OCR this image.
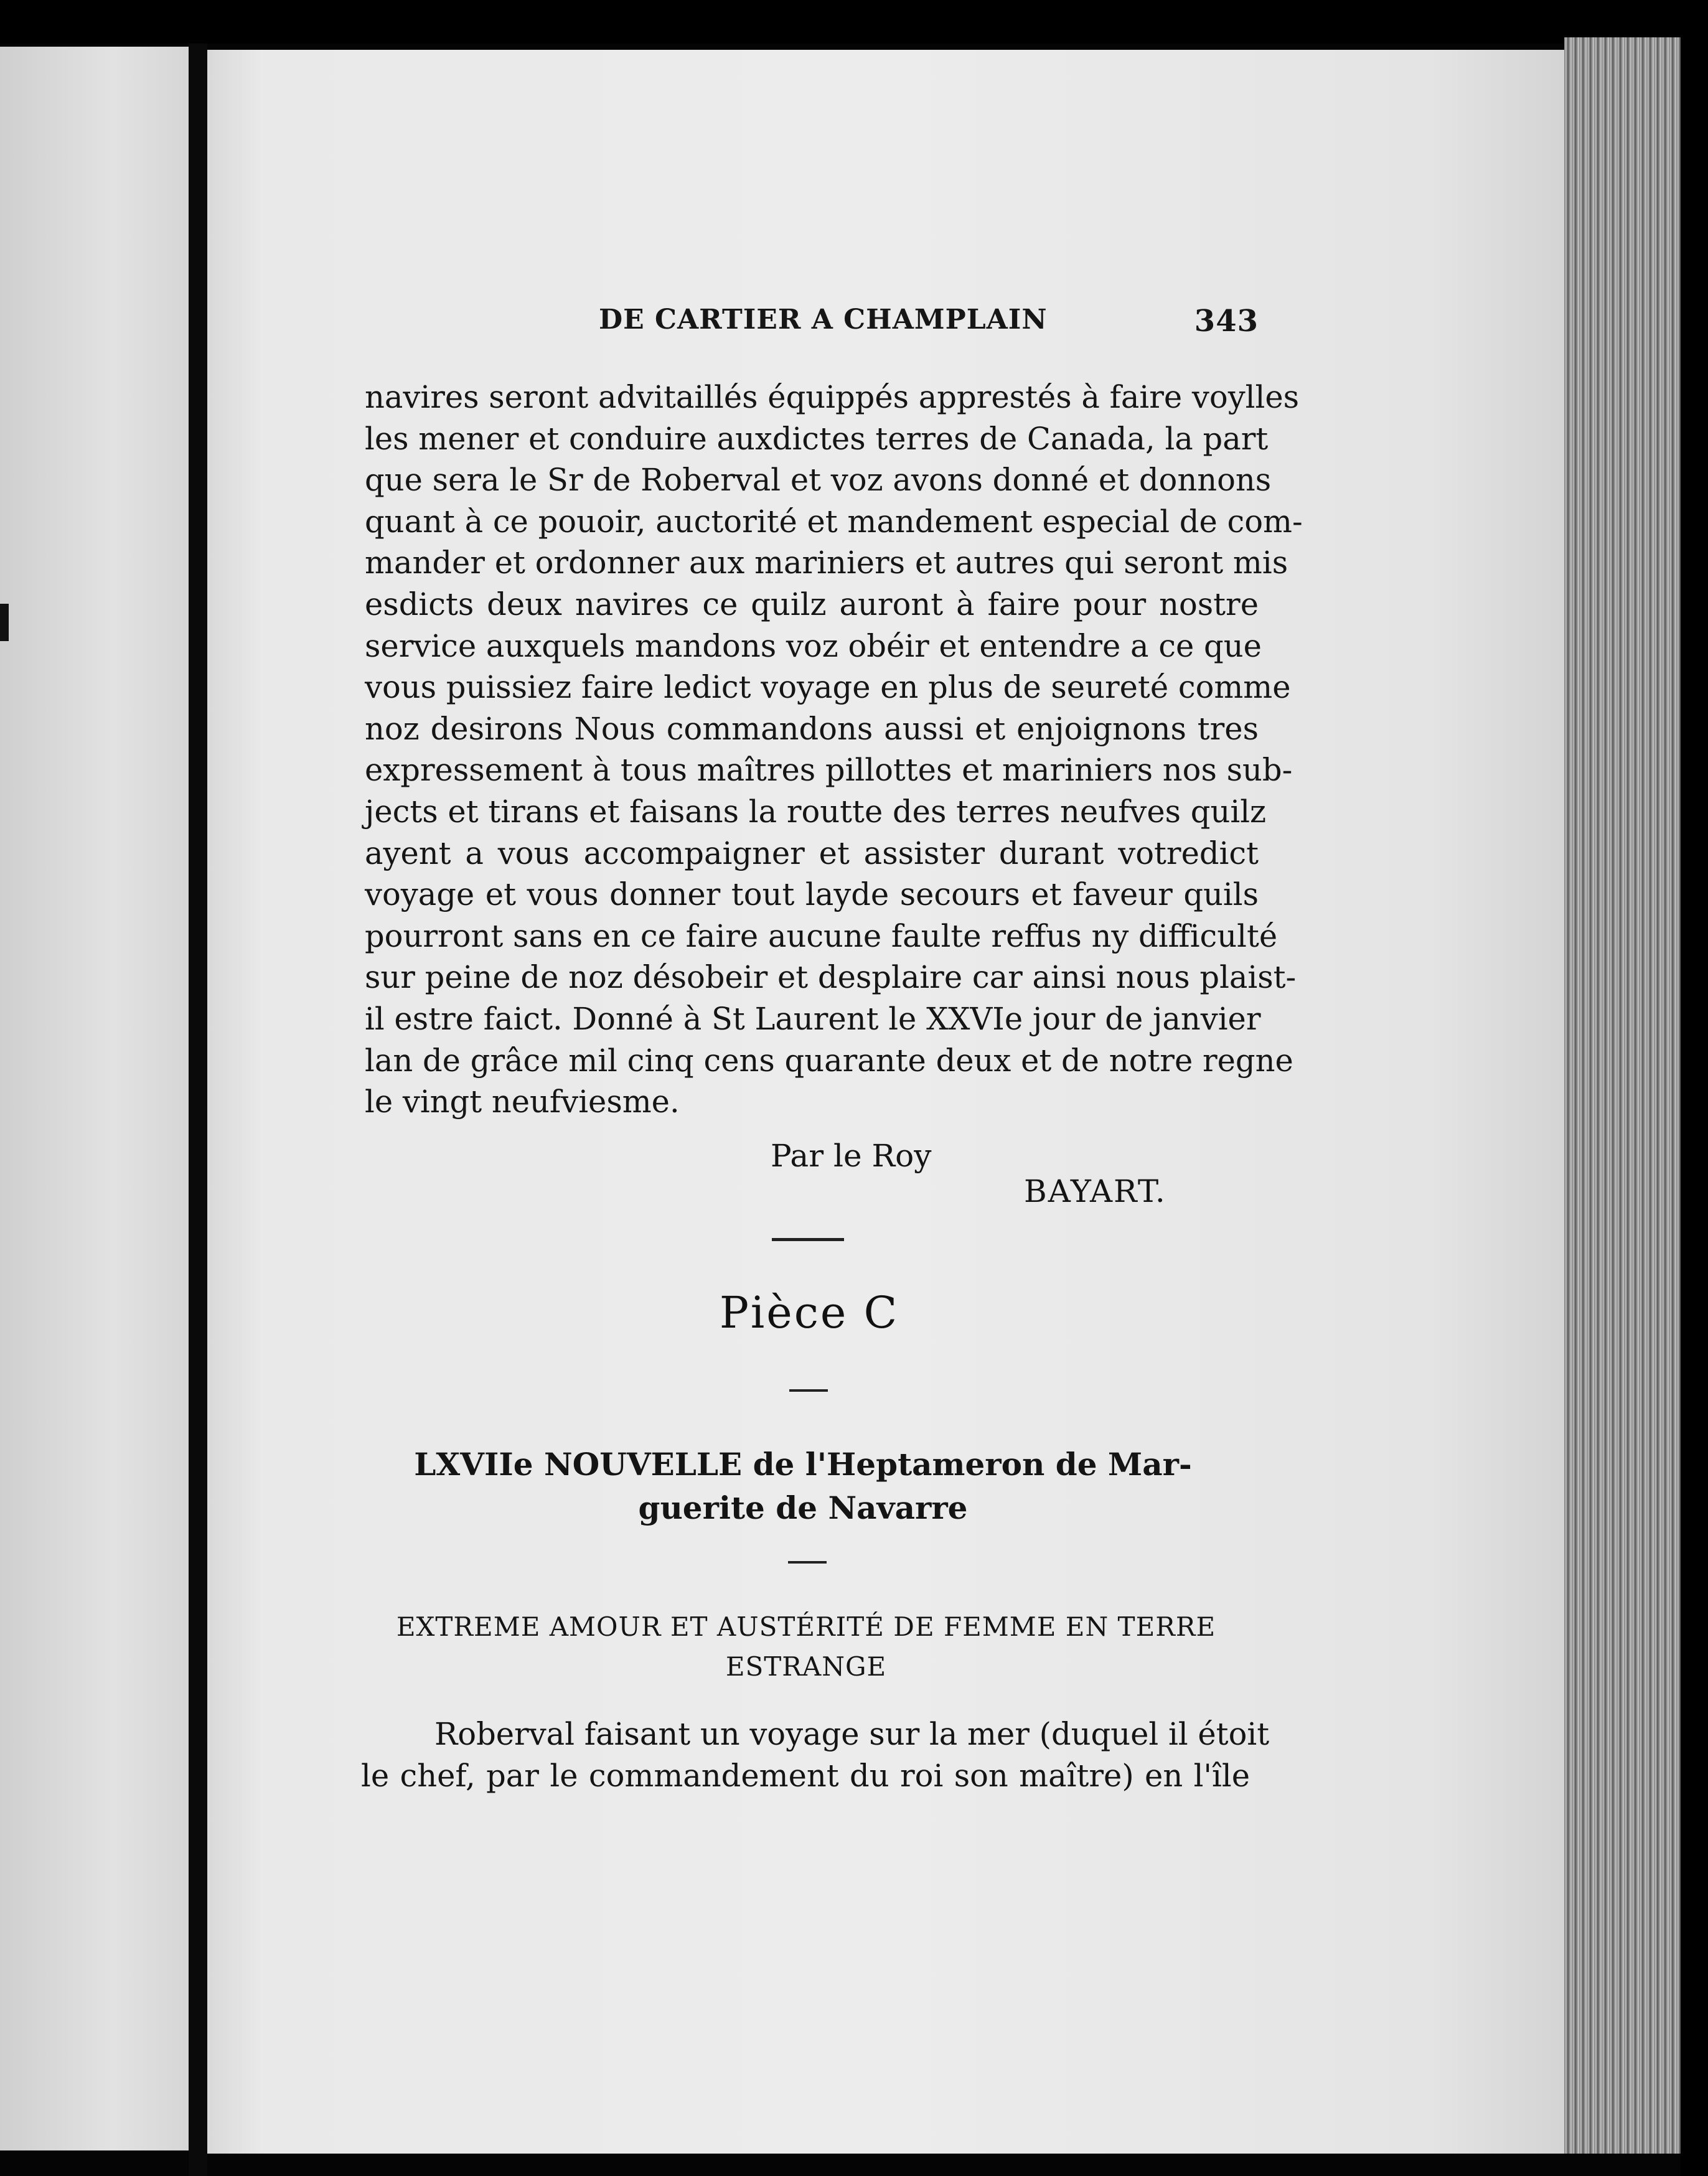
DE CARTIER A CHAMPLAIN	343
navires seront advitaillés équippés apprestés à faire voylles
les mener et conduire auxdictes terres de Canada, la part
que sera le Sr de Roberval et voz avons donné et donnons
quant à ce pouoir, auctorité et mandement especial de com-
mander et ordonner aux mariniers et autres qui seront mis
esdicts deux navires ce quilz auront à faire pour nostre
service auxquels mandons voz obéir et entendre a ce que
vous puissiez faire ledict voyage en plus de seureté comme
noz desirons Nous commandons aussi et enjoignons tres
expressement à tous maîtres pillottes et mariniers nos sub-
jects et tirans et faisans la routte des terres neufves quilz
ayent a vous accompaigner et assister durant votredict
voyage et vous donner tout layde secours et faveur quils
pourront sans en ce faire aucune faulte reffus ny difficulté
sur peine de noz désobeir et desplaire car ainsi nous plaist-
il estre faict. Donné à St Laurent le XXVIe jour de janvier
lan de grâce mil cinq cens quarante deux et de notre regne
le vingt neufviesme.
Par le Roy
BAYART.
Pièce C
LXVIIe NOUVELLE de l'Heptameron de Mar-
guerite de Navarre
EXTREME AMOUR ET AUSTÉRITÉ DE FEMME EN TERRE
ESTRANGE
Roberval faisant un voyage sur la mer (duquel il étoit
le chef, par le commandement du roi son maître) en l'île
